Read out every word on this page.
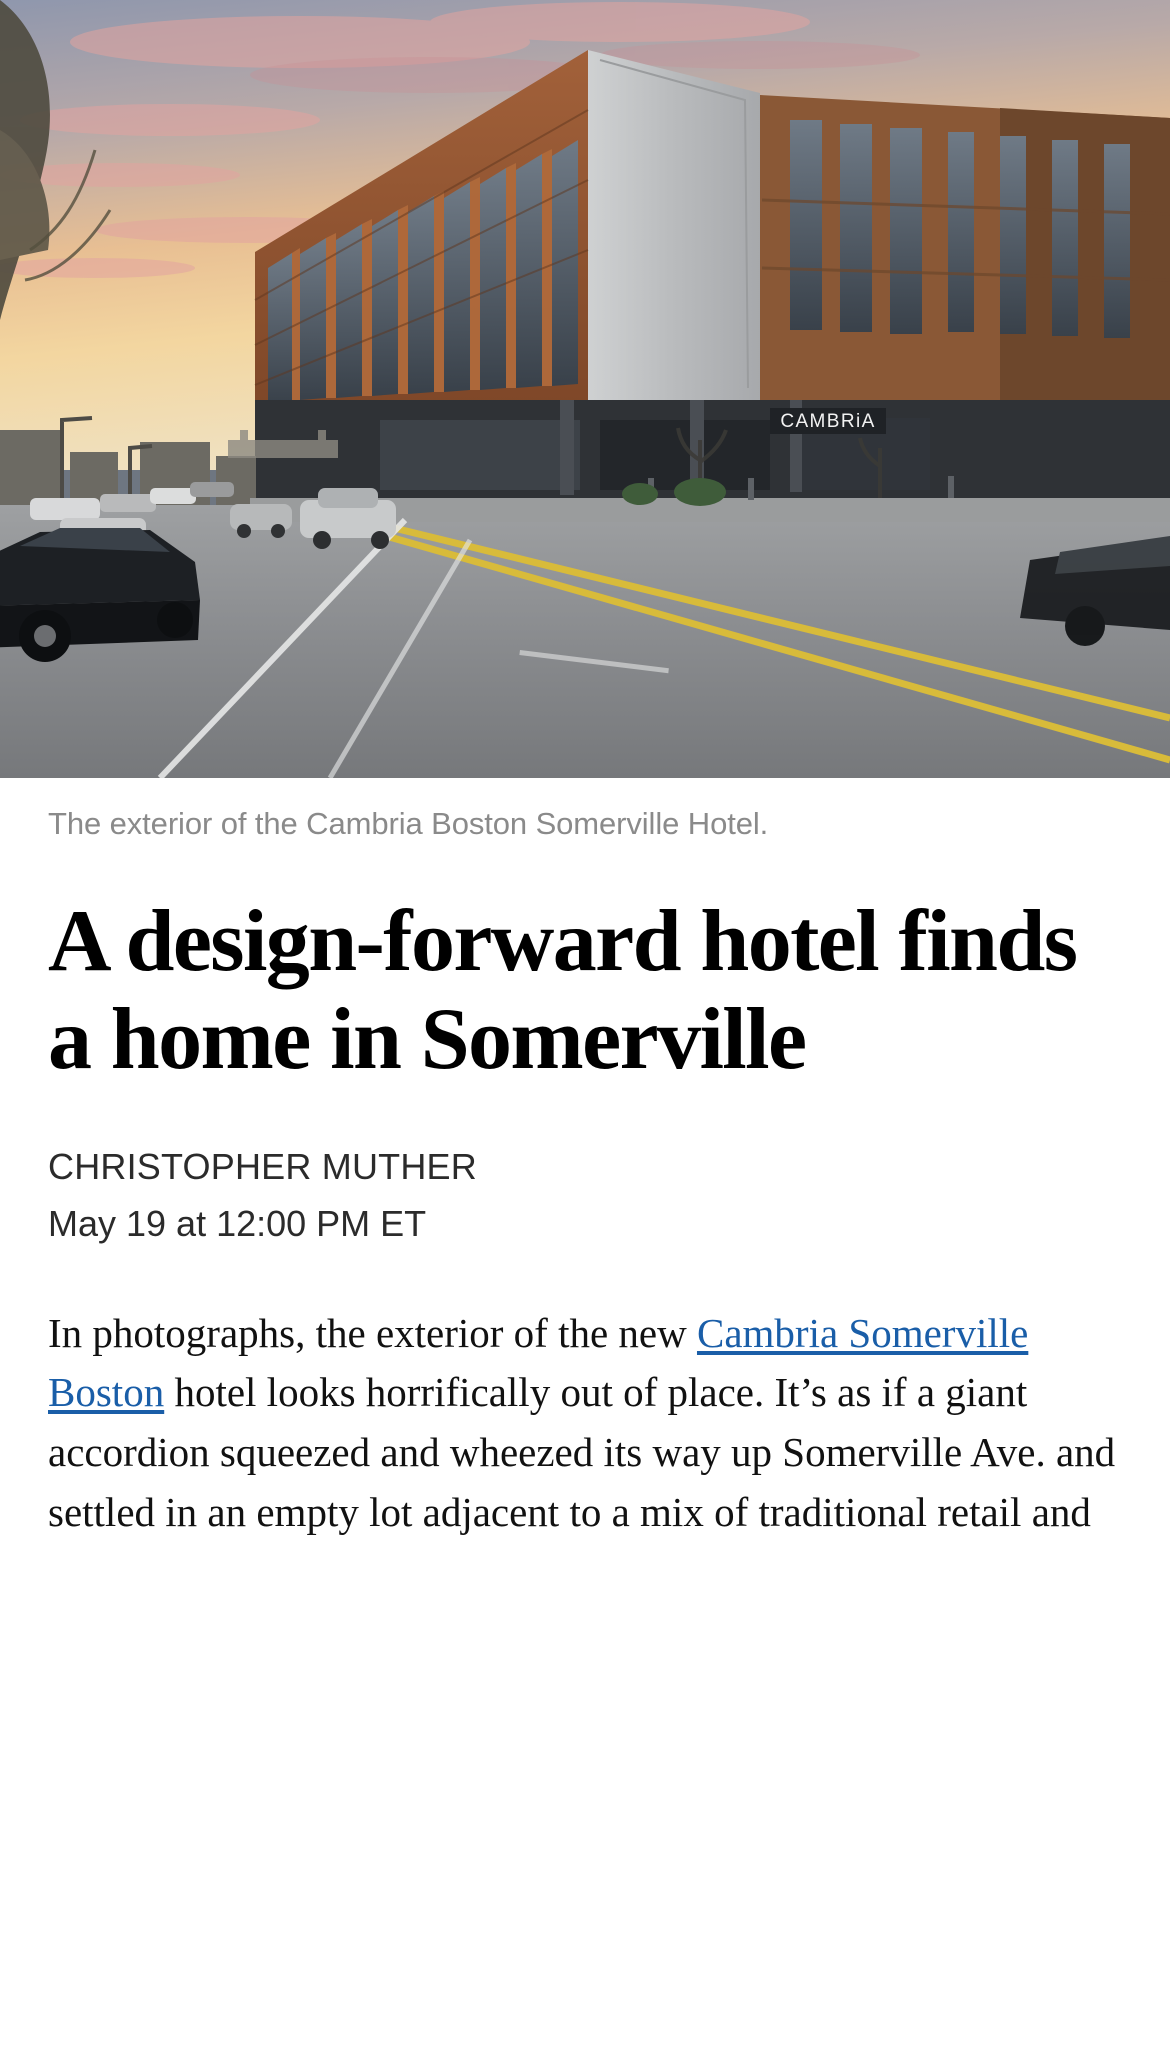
CAMBRiA
The exterior of the Cambria Boston Somerville Hotel.
A design-forward hotel finds a home in Somerville
CHRISTOPHER MUTHER
May 19 at 12:00 PM ET

In photographs, the exterior of the new Cambria Somerville Boston hotel looks horrifically out of place. It’s as if a giant accordion squeezed and wheezed its way up Somerville Ave. and settled in an empty lot adjacent to a mix of traditional retail and
